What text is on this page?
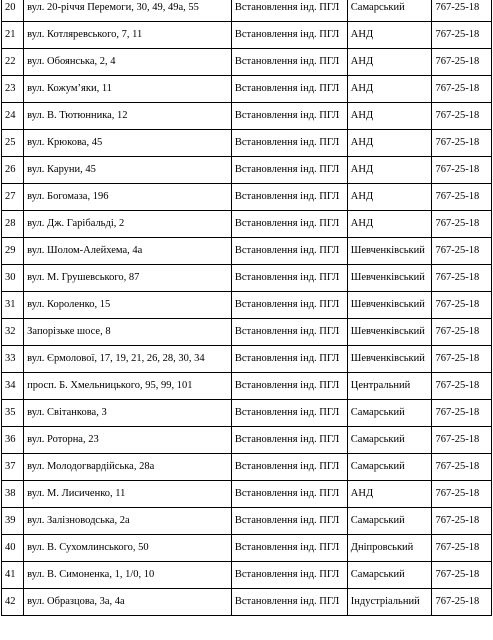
20	вул. 20-річчя Перемоги, 30, 49, 49а, 55	Встановлення інд. ПГЛ	Самарський	767-25-18
21	вул. Котляревського, 7, 11	Встановлення інд. ПГЛ	АНД	767-25-18
22	вул. Обоянська, 2, 4	Встановлення інд. ПГЛ	АНД	767-25-18
23	вул. Кожум’яки, 11	Встановлення інд. ПГЛ	АНД	767-25-18
24	вул. В. Тютюнника, 12	Встановлення інд. ПГЛ	АНД	767-25-18
25	вул. Крюкова, 45	Встановлення інд. ПГЛ	АНД	767-25-18
26	вул. Каруни, 45	Встановлення інд. ПГЛ	АНД	767-25-18
27	вул. Богомаза, 196	Встановлення інд. ПГЛ	АНД	767-25-18
28	вул. Дж. Гарібальді, 2	Встановлення інд. ПГЛ	АНД	767-25-18
29	вул. Шолом-Алейхема, 4а	Встановлення інд. ПГЛ	Шевченківський	767-25-18
30	вул. М. Грушевського, 87	Встановлення інд. ПГЛ	Шевченківський	767-25-18
31	вул. Короленко, 15	Встановлення інд. ПГЛ	Шевченківський	767-25-18
32	Запорізьке шосе, 8	Встановлення інд. ПГЛ	Шевченківський	767-25-18
33	вул. Єрмолової, 17, 19, 21, 26, 28, 30, 34	Встановлення інд. ПГЛ	Шевченківський	767-25-18
34	просп. Б. Хмельницького, 95, 99, 101	Встановлення інд. ПГЛ	Центральний	767-25-18
35	вул. Світанкова, 3	Встановлення інд. ПГЛ	Самарський	767-25-18
36	вул. Роторна, 23	Встановлення інд. ПГЛ	Самарський	767-25-18
37	вул. Молодогвардійська, 28а	Встановлення інд. ПГЛ	Самарський	767-25-18
38	вул. М. Лисиченко, 11	Встановлення інд. ПГЛ	АНД	767-25-18
39	вул. Залізноводська, 2а	Встановлення інд. ПГЛ	Самарський	767-25-18
40	вул. В. Сухомлинського, 50	Встановлення інд. ПГЛ	Дніпровський	767-25-18
41	вул. В. Симоненка, 1, 1/0, 10	Встановлення інд. ПГЛ	Самарський	767-25-18
42	вул. Образцова, 3а, 4а	Встановлення інд. ПГЛ	Індустріальний	767-25-18
